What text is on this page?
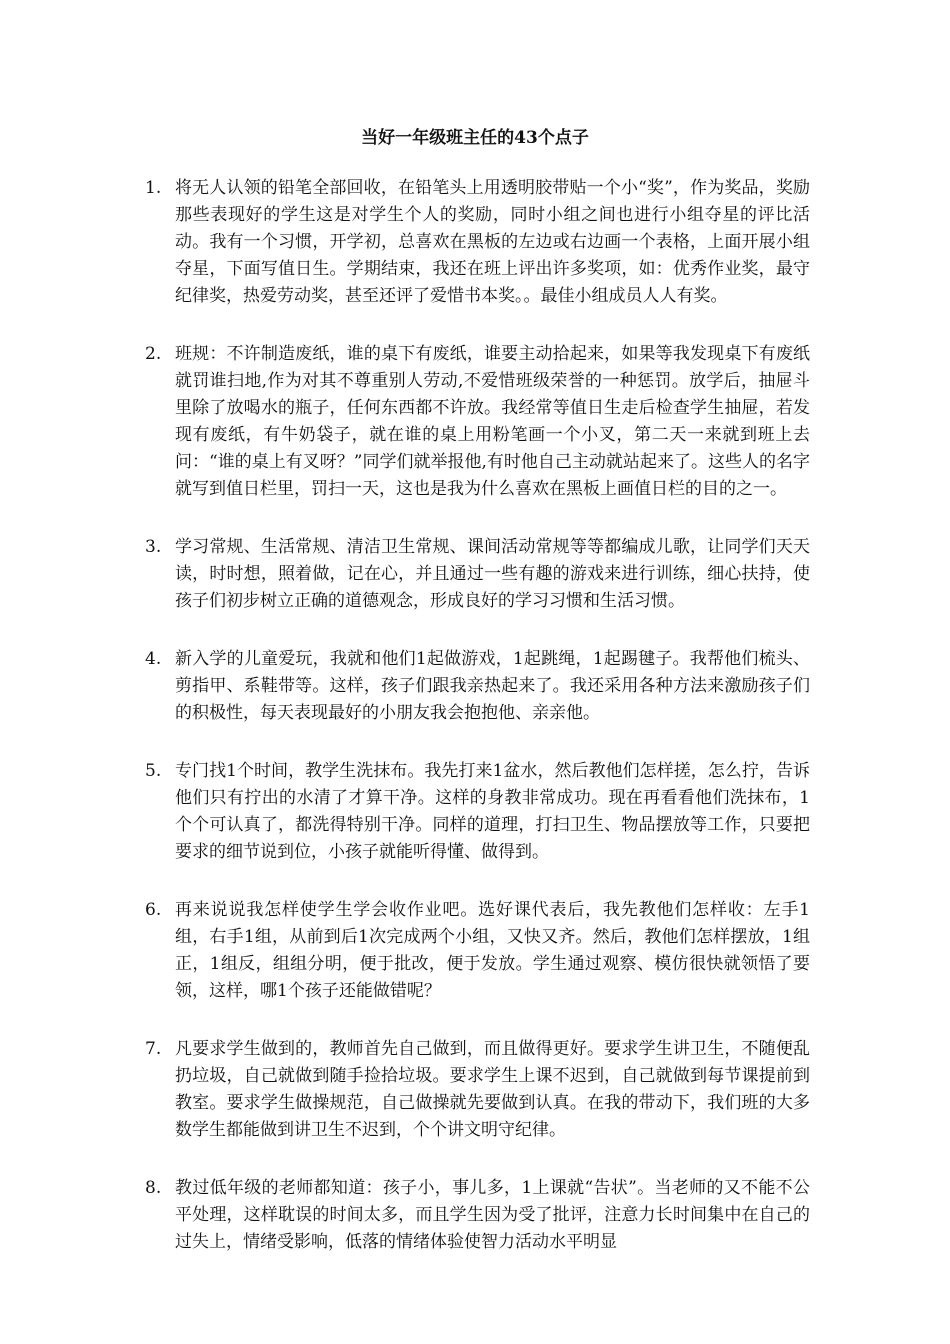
当好一年级班主任的43个点子
1. 将无人认领的铅笔全部回收，在铅笔头上用透明胶带贴一个小“奖”，作为奖品，奖励那些表现好的学生这是对学生个人的奖励，同时小组之间也进行小组夺星的评比活动。我有一个习惯，开学初，总喜欢在黑板的左边或右边画一个表格，上面开展小组夺星，下面写值日生。学期结束，我还在班上评出许多奖项，如：优秀作业奖，最守纪律奖，热爱劳动奖，甚至还评了爱惜书本奖。。最佳小组成员人人有奖。
2. 班规：不许制造废纸，谁的桌下有废纸，谁要主动拾起来，如果等我发现桌下有废纸就罚谁扫地,作为对其不尊重别人劳动,不爱惜班级荣誉的一种惩罚。放学后，抽屉斗里除了放喝水的瓶子，任何东西都不许放。我经常等值日生走后检查学生抽屉，若发现有废纸，有牛奶袋子，就在谁的桌上用粉笔画一个小叉，第二天一来就到班上去问：“谁的桌上有叉呀？”同学们就举报他,有时他自己主动就站起来了。这些人的名字就写到值日栏里，罚扫一天，这也是我为什么喜欢在黑板上画值日栏的目的之一。
3. 学习常规、生活常规、清洁卫生常规、课间活动常规等等都编成儿歌，让同学们天天读，时时想，照着做，记在心，并且通过一些有趣的游戏来进行训练，细心扶持，使孩子们初步树立正确的道德观念，形成良好的学习习惯和生活习惯。
4. 新入学的儿童爱玩，我就和他们1起做游戏，1起跳绳，1起踢毽子。我帮他们梳头、剪指甲、系鞋带等。这样，孩子们跟我亲热起来了。我还采用各种方法来激励孩子们的积极性，每天表现最好的小朋友我会抱抱他、亲亲他。
5. 专门找1个时间，教学生洗抹布。我先打来1盆水，然后教他们怎样搓，怎么拧，告诉他们只有拧出的水清了才算干净。这样的身教非常成功。现在再看看他们洗抹布，1个个可认真了，都洗得特别干净。同样的道理，打扫卫生、物品摆放等工作，只要把要求的细节说到位，小孩子就能听得懂、做得到。
6. 再来说说我怎样使学生学会收作业吧。选好课代表后，我先教他们怎样收：左手1组，右手1组，从前到后1次完成两个小组，又快又齐。然后，教他们怎样摆放，1组正，1组反，组组分明，便于批改，便于发放。学生通过观察、模仿很快就领悟了要领，这样，哪1个孩子还能做错呢？
7. 凡要求学生做到的，教师首先自己做到，而且做得更好。要求学生讲卫生，不随便乱扔垃圾，自己就做到随手捡拾垃圾。要求学生上课不迟到，自己就做到每节课提前到教室。要求学生做操规范，自己做操就先要做到认真。在我的带动下，我们班的大多数学生都能做到讲卫生不迟到，个个讲文明守纪律。
8. 教过低年级的老师都知道：孩子小，事儿多，1上课就“告状”。当老师的又不能不公平处理，这样耽误的时间太多，而且学生因为受了批评，注意力长时间集中在自己的过失上，情绪受影响，低落的情绪体验使智力活动水平明显
